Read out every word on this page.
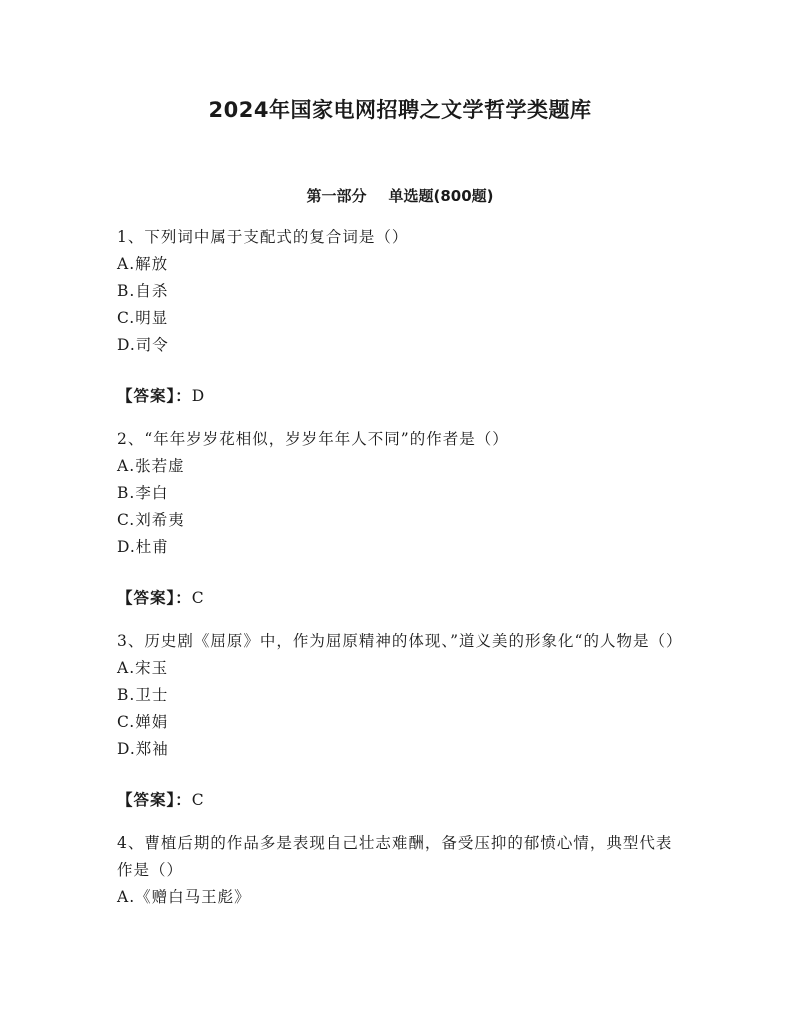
2024年国家电网招聘之文学哲学类题库
第一部分 单选题(800题)
1、下列词中属于支配式的复合词是（）
A.解放
B.自杀
C.明显
D.司令
【答案】：D
2、“年年岁岁花相似，岁岁年年人不同”的作者是（）
A.张若虚
B.李白
C.刘希夷
D.杜甫
【答案】：C
3、历史剧《屈原》中，作为屈原精神的体现、”道义美的形象化“的人物是（）
A.宋玉
B.卫士
C.婵娟
D.郑袖
【答案】：C
4、曹植后期的作品多是表现自己壮志难酬，备受压抑的郁愤心情，典型代表作是（）
A.《赠白马王彪》
